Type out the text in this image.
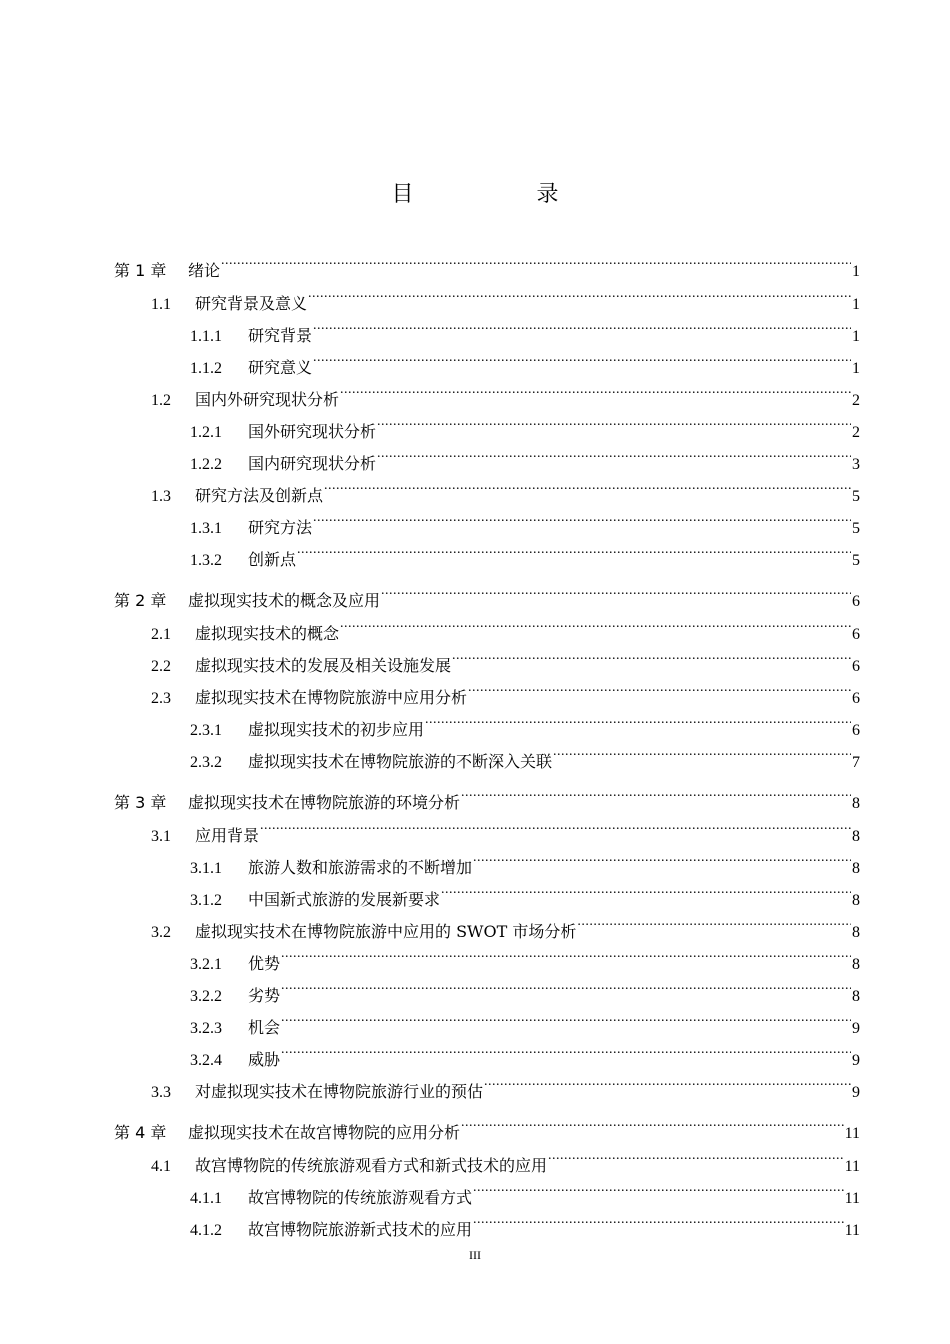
目 录
第 1 章	绪论 .....	1
1.1	研究背景及意义 .....	1
1.1.1	研究背景 .....	1
1.1.2	研究意义 .....	1
1.2	国内外研究现状分析 .....	2
1.2.1	国外研究现状分析 .....	2
1.2.2	国内研究现状分析 .....	3
1.3	研究方法及创新点 .....	5
1.3.1	研究方法 .....	5
1.3.2	创新点 .....	5
第 2 章	虚拟现实技术的概念及应用 .....	6
2.1	虚拟现实技术的概念 .....	6
2.2	虚拟现实技术的发展及相关设施发展 .....	6
2.3	虚拟现实技术在博物院旅游中应用分析 .....	6
2.3.1	虚拟现实技术的初步应用 .....	6
2.3.2	虚拟现实技术在博物院旅游的不断深入关联 .....	7
第 3 章	虚拟现实技术在博物院旅游的环境分析 .....	8
3.1	应用背景 .....	8
3.1.1	旅游人数和旅游需求的不断增加 .....	8
3.1.2	中国新式旅游的发展新要求 .....	8
3.2	虚拟现实技术在博物院旅游中应用的 SWOT 市场分析 .....	8
3.2.1	优势 .....	8
3.2.2	劣势 .....	8
3.2.3	机会 .....	9
3.2.4	威胁 .....	9
3.3	对虚拟现实技术在博物院旅游行业的预估 .....	9
第 4 章	虚拟现实技术在故宫博物院的应用分析 .....	11
4.1	故宫博物院的传统旅游观看方式和新式技术的应用 .....	11
4.1.1	故宫博物院的传统旅游观看方式 .....	11
4.1.2	故宫博物院旅游新式技术的应用 .....	11
III
